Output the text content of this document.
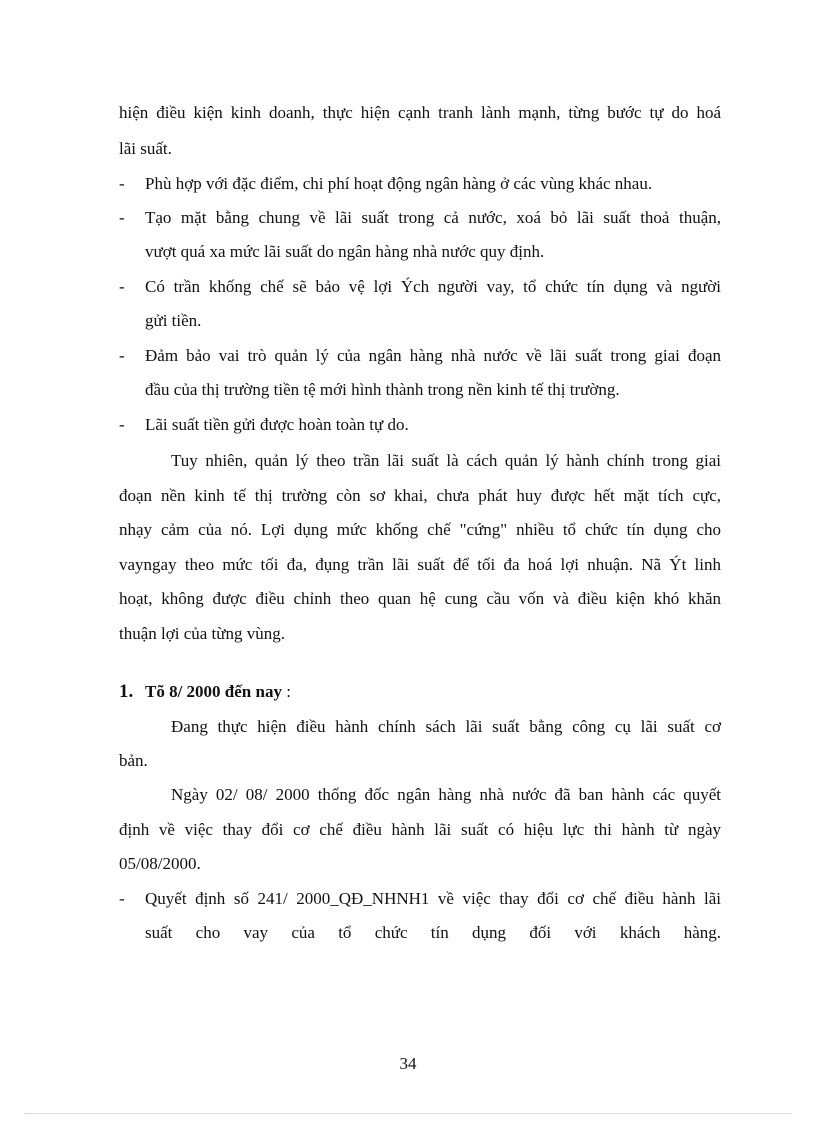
hiện điều kiện kinh doanh, thực hiện cạnh tranh lành mạnh, từng bước tự do hoá
lãi suất.
- Phù hợp với đặc điểm, chi phí hoạt động ngân hàng ở các vùng khác nhau.
- Tạo mặt bằng chung về lãi suất trong cả nước, xoá bỏ lãi suất thoả thuận,
vượt quá xa mức lãi suất do ngân hàng nhà nước quy định.
- Có trần khống chế sẽ bảo vệ lợi Ých người vay, tổ chức tín dụng và người
gửi tiền.
- Đảm bảo vai trò quản lý của ngân hàng nhà nước về lãi suất trong giai đoạn
đầu của thị trường tiền tệ mới hình thành trong nền kinh tế thị trường.
- Lãi suất tiền gửi được hoàn toàn tự do.
Tuy nhiên, quản lý theo trần lãi suất là cách quản lý hành chính trong giai
đoạn nền kinh tế thị trường còn sơ khai, chưa phát huy được hết mặt tích cực,
nhạy cảm của nó. Lợi dụng mức khống chế "cứng" nhiều tổ chức tín dụng cho
vayngay theo mức tối đa, đụng trần lãi suất để tối đa hoá lợi nhuận. Nã Ýt linh
hoạt, không được điều chỉnh theo quan hệ cung cầu vốn và điều kiện khó khăn
thuận lợi của từng vùng.
1. Tõ 8/ 2000 đến nay :
Đang thực hiện điều hành chính sách lãi suất bằng công cụ lãi suất cơ
bản.
Ngày 02/ 08/ 2000 thống đốc ngân hàng nhà nước đã ban hành các quyết
định về việc thay đổi cơ chế điều hành lãi suất có hiệu lực thi hành từ ngày
05/08/2000.
- Quyết định số 241/ 2000_QĐ_NHNH1 về việc thay đổi cơ chế điều hành lãi
suất cho vay của tổ chức tín dụng đối với khách hàng.
34
